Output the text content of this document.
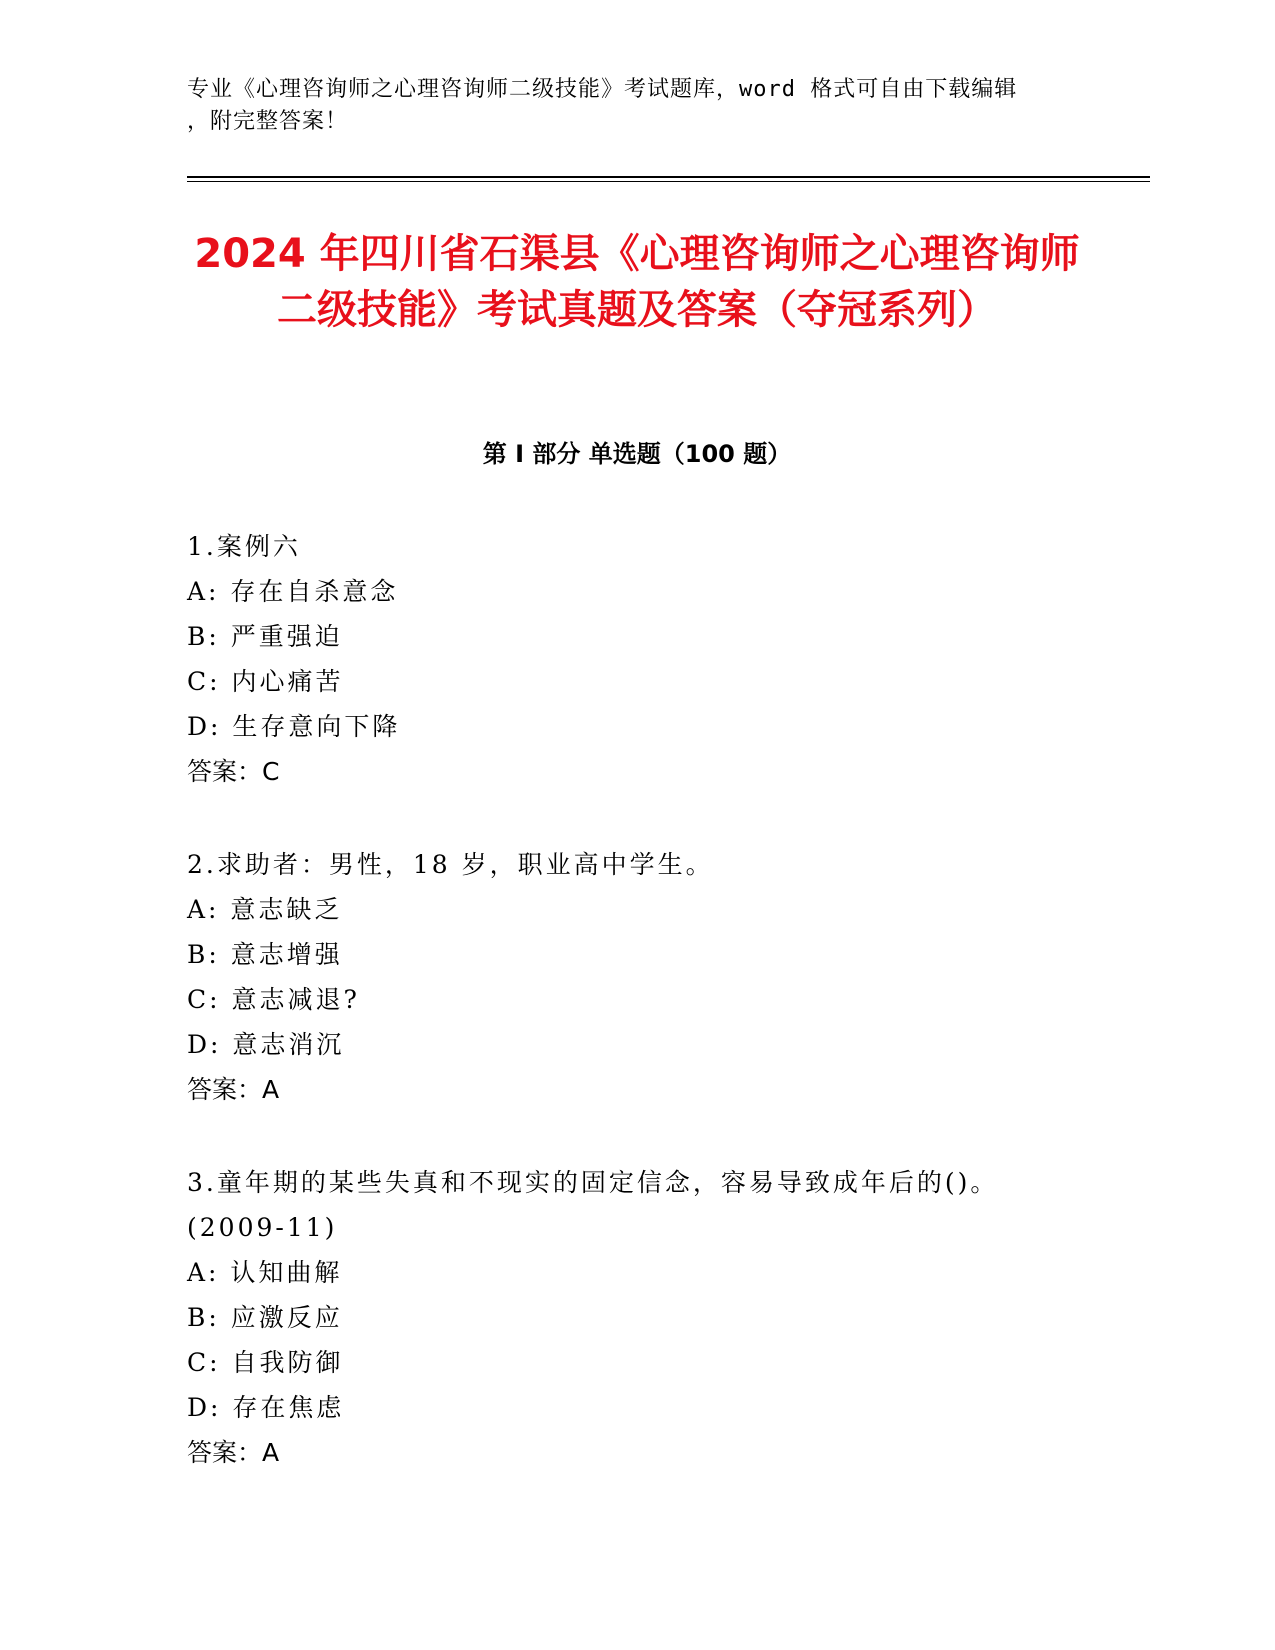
专业《心理咨询师之心理咨询师二级技能》考试题库，word 格式可自由下载编辑
，附完整答案！
2024 年四川省石渠县《心理咨询师之心理咨询师二级技能》考试真题及答案（夺冠系列）
第 I 部分 单选题（100 题）

1.案例六

A: 存在自杀意念

B: 严重强迫

C: 内心痛苦

D: 生存意向下降

答案：C

2.求助者：男性，18 岁，职业高中学生。

A: 意志缺乏

B: 意志增强

C: 意志减退?

D: 意志消沉

答案：A

3.童年期的某些失真和不现实的固定信念，容易导致成年后的()。(2009-11)

A: 认知曲解

B: 应激反应

C: 自我防御

D: 存在焦虑

答案：A
